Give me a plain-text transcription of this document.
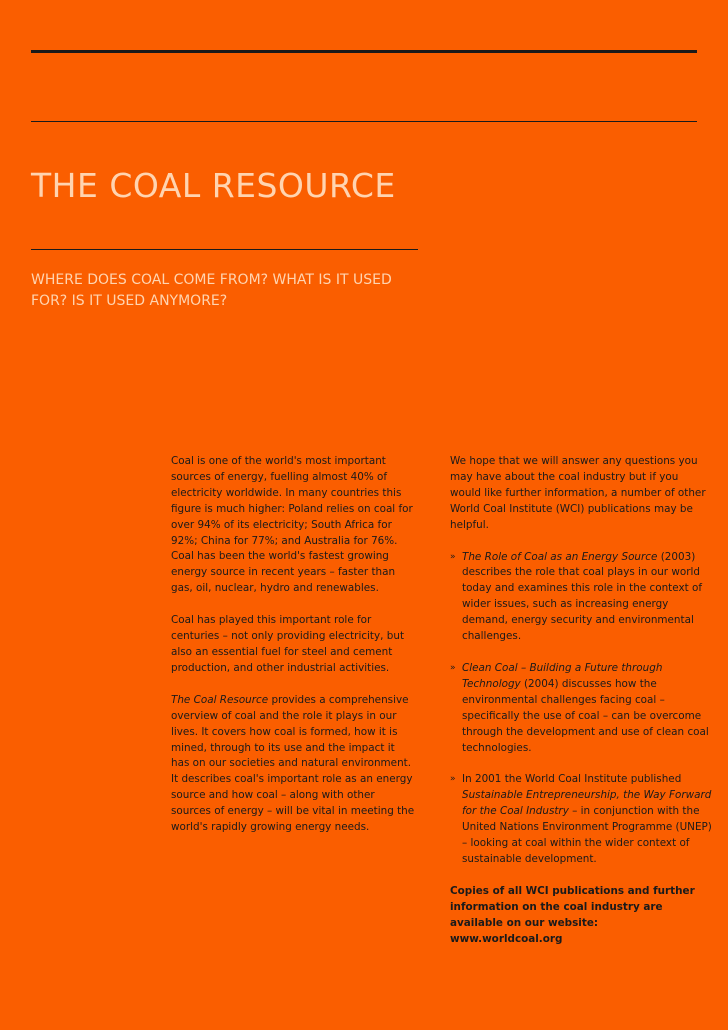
THE COAL RESOURCE
WHERE DOES COAL COME FROM? WHAT IS IT USED FOR? IS IT USED ANYMORE?

Coal is one of the world's most important sources of energy, fuelling almost 40% of electricity worldwide. In many countries this figure is much higher: Poland relies on coal for over 94% of its electricity; South Africa for 92%; China for 77%; and Australia for 76%. Coal has been the world's fastest growing energy source in recent years – faster than gas, oil, nuclear, hydro and renewables.

Coal has played this important role for centuries – not only providing electricity, but also an essential fuel for steel and cement production, and other industrial activities.

The Coal Resource provides a comprehensive overview of coal and the role it plays in our lives. It covers how coal is formed, how it is mined, through to its use and the impact it has on our societies and natural environment. It describes coal's important role as an energy source and how coal – along with other sources of energy – will be vital in meeting the world's rapidly growing energy needs.

We hope that we will answer any questions you may have about the coal industry but if you would like further information, a number of other World Coal Institute (WCI) publications may be helpful.

» The Role of Coal as an Energy Source (2003) describes the role that coal plays in our world today and examines this role in the context of wider issues, such as increasing energy demand, energy security and environmental challenges.
» Clean Coal – Building a Future through Technology (2004) discusses how the environmental challenges facing coal – specifically the use of coal – can be overcome through the development and use of clean coal technologies.
» In 2001 the World Coal Institute published Sustainable Entrepreneurship, the Way Forward for the Coal Industry – in conjunction with the United Nations Environment Programme (UNEP) – looking at coal within the wider context of sustainable development.

Copies of all WCI publications and further information on the coal industry are available on our website: www.worldcoal.org
